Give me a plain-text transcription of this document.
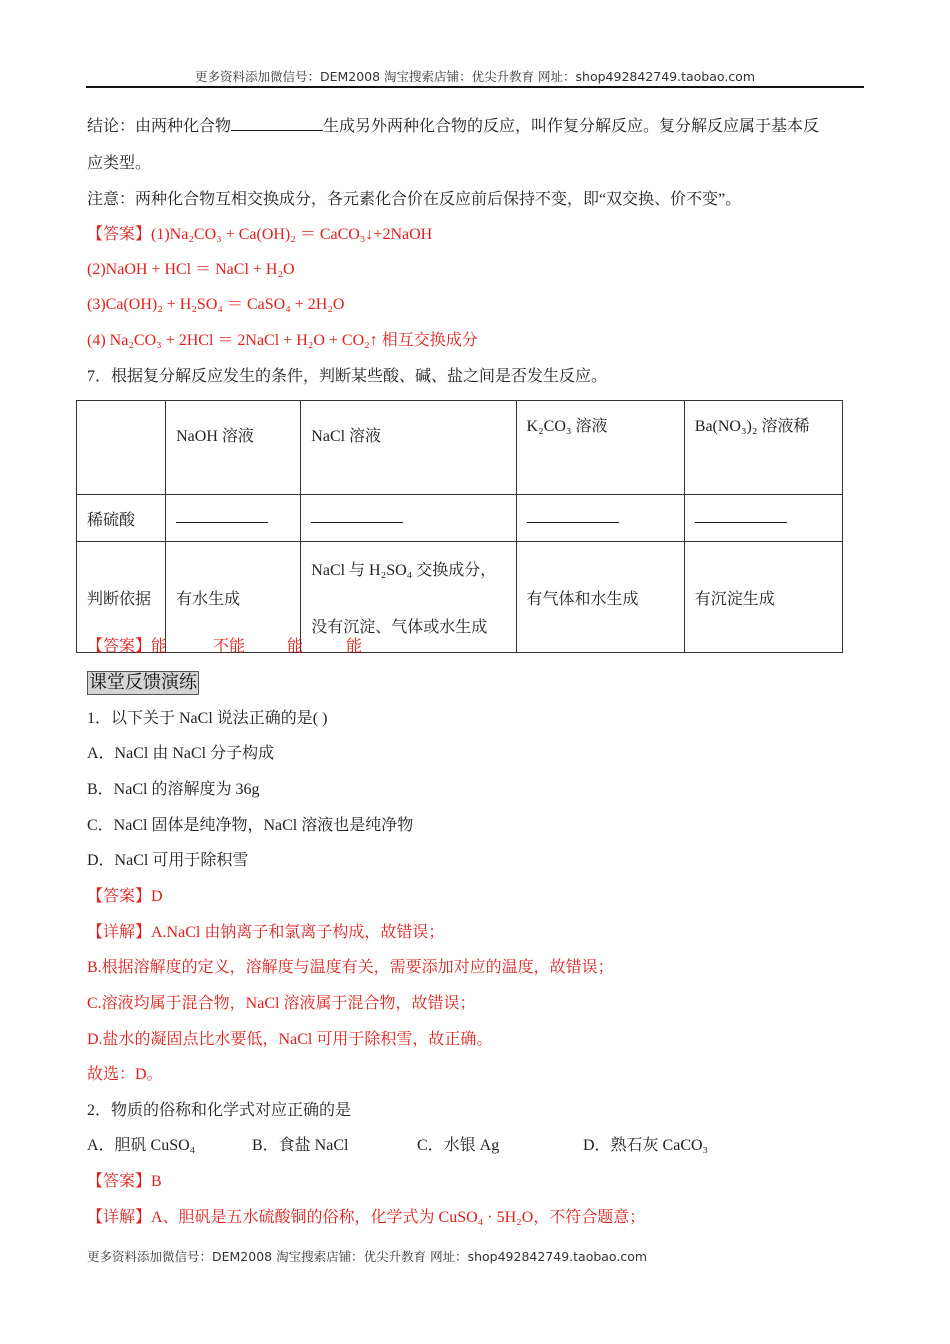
更多资料添加微信号：DEM2008 淘宝搜索店铺：优尖升教育 网址：shop492842749.taobao.com
结论：由两种化合物	生成另外两种化合物的反应，叫作复分解反应。复分解反应属于基本反
应类型。
注意：两种化合物互相交换成分，各元素化合价在反应前后保持不变，即“双交换、价不变”。
【答案】(1)Na₂CO₃ + Ca(OH)₂ ＝ CaCO₃↓+2NaOH
(2)NaOH + HCl ＝ NaCl + H₂O
(3)Ca(OH)₂ + H₂SO₄ ＝ CaSO₄ + 2H₂O
(4) Na₂CO₃ + 2HCl ＝ 2NaCl + H₂O + CO₂↑ 相互交换成分
7．根据复分解反应发生的条件，判断某些酸、碱、盐之间是否发生反应。
	NaOH 溶液	NaCl 溶液	K₂CO₃ 溶液	Ba(NO₃)₂ 溶液稀
稀硫酸				
判断依据	有水生成	NaCl 与 H₂SO₄ 交换成分，
没有沉淀、气体或水生成	有气体和水生成	有沉淀生成
【答案】能	不能	能	能
课堂反馈演练
1．以下关于 NaCl 说法正确的是( )
A．NaCl 由 NaCl 分子构成
B．NaCl 的溶解度为 36g
C．NaCl 固体是纯净物，NaCl 溶液也是纯净物
D．NaCl 可用于除积雪
【答案】D
【详解】A.NaCl 由钠离子和氯离子构成，故错误；
B.根据溶解度的定义，溶解度与温度有关，需要添加对应的温度，故错误；
C.溶液均属于混合物，NaCl 溶液属于混合物，故错误；
D.盐水的凝固点比水要低，NaCl 可用于除积雪，故正确。
故选：D。
2．物质的俗称和化学式对应正确的是
A．胆矾 CuSO₄	B．食盐 NaCl	C．水银 Ag	D．熟石灰 CaCO₃
【答案】B
【详解】A、胆矾是五水硫酸铜的俗称，化学式为 CuSO₄ · 5H₂O，不符合题意；
更多资料添加微信号：DEM2008 淘宝搜索店铺：优尖升教育 网址：shop492842749.taobao.com
